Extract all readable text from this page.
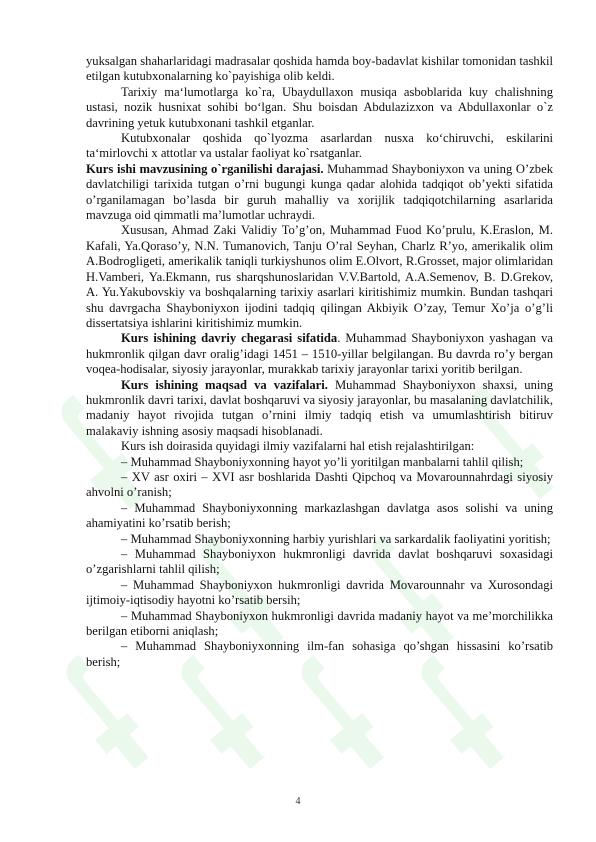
yuksalgan shaharlaridagi madrasalar qoshida hamda boy-badavlat kishilar tomonidan tashkil etilgan kutubxonalarning ko`payishiga olib keldi.

Tarixiy ma‘lumotlarga ko`ra, Ubaydullaxon musiqa asboblarida kuy chalishning ustasi, nozik husnixat sohibi bo‘lgan. Shu boisdan Abdulazizxon va Abdullaxonlar o`z davrining yetuk kutubxonani tashkil etganlar.

Kutubxonalar qoshida qo`lyozma asarlardan nusxa ko‘chiruvchi, eskilarini ta‘mirlovchi x attotlar va ustalar faoliyat ko`rsatganlar.

Kurs ishi mavzusining o`rganilishi darajasi. Muhammad Shayboniyxon va uning O’zbek davlatchiligi tarixida tutgan o’rni bugungi kunga qadar alohida tadqiqot ob’yekti sifatida o’rganilamagan bo’lasda bir guruh mahalliy va xorijlik tadqiqotchilarning asarlarida mavzuga oid qimmatli ma’lumotlar uchraydi.

Xususan, Ahmad Zaki Validiy To’g’on, Muhammad Fuod Ko’prulu, K.Eraslon, M. Kafali, Ya.Qoraso’y, N.N. Tumanovich, Tanju O’ral Seyhan, Charlz R’yo, amerikalik olim A.Bodrogligeti, amerikalik taniqli turkiyshunos olim E.Olvort, R.Grosset, major olimlaridan H.Vamberi, Ya.Ekmann, rus sharqshunoslaridan V.V.Bartold, A.A.Semenov, B. D.Grekov, A. Yu.Yakubovskiy va boshqalarning tarixiy asarlari kiritishimiz mumkin. Bundan tashqari shu davrgacha Shayboniyxon ijodini tadqiq qilingan Akbiyik O’zay, Temur Xo’ja o’g’li dissertatsiya ishlarini kiritishimiz mumkin.

Kurs ishining davriy chegarasi sifatida. Muhammad Shayboniyxon yashagan va hukmronlik qilgan davr oralig’idagi 1451 – 1510-yillar belgilangan. Bu davrda ro’y bergan voqea-hodisalar, siyosiy jarayonlar, murakkab tarixiy jarayonlar tarixi yoritib berilgan.

Kurs ishining maqsad va vazifalari. Muhammad Shayboniyxon shaxsi, uning hukmronlik davri tarixi, davlat boshqaruvi va siyosiy jarayonlar, bu masalaning davlatchilik, madaniy hayot rivojida tutgan o’rnini ilmiy tadqiq etish va umumlashtirish bitiruv malakaviy ishning asosiy maqsadi hisoblanadi.

Kurs ish doirasida quyidagi ilmiy vazifalarni hal etish rejalashtirilgan:

– Muhammad Shayboniyxonning hayot yo’li yoritilgan manbalarni tahlil qilish;

– XV asr oxiri – XVI asr boshlarida Dashti Qipchoq va Movarounnahrdagi siyosiy ahvolni o’ranish;

– Muhammad Shayboniyxonning markazlashgan davlatga asos solishi va uning ahamiyatini ko’rsatib berish;

– Muhammad Shayboniyxonning harbiy yurishlari va sarkardalik faoliyatini yoritish;

– Muhammad Shayboniyxon hukmronligi davrida davlat boshqaruvi soxasidagi o’zgarishlarni tahlil qilish;

– Muhammad Shayboniyxon hukmronligi davrida Movarounnahr va Xurosondagi ijtimoiy-iqtisodiy hayotni ko’rsatib bersih;

– Muhammad Shayboniyxon hukmronligi davrida madaniy hayot va me’morchilikka berilgan etiborni aniqlash;

– Muhammad Shayboniyxonning ilm-fan sohasiga qo’shgan hissasini ko’rsatib berish;

4
